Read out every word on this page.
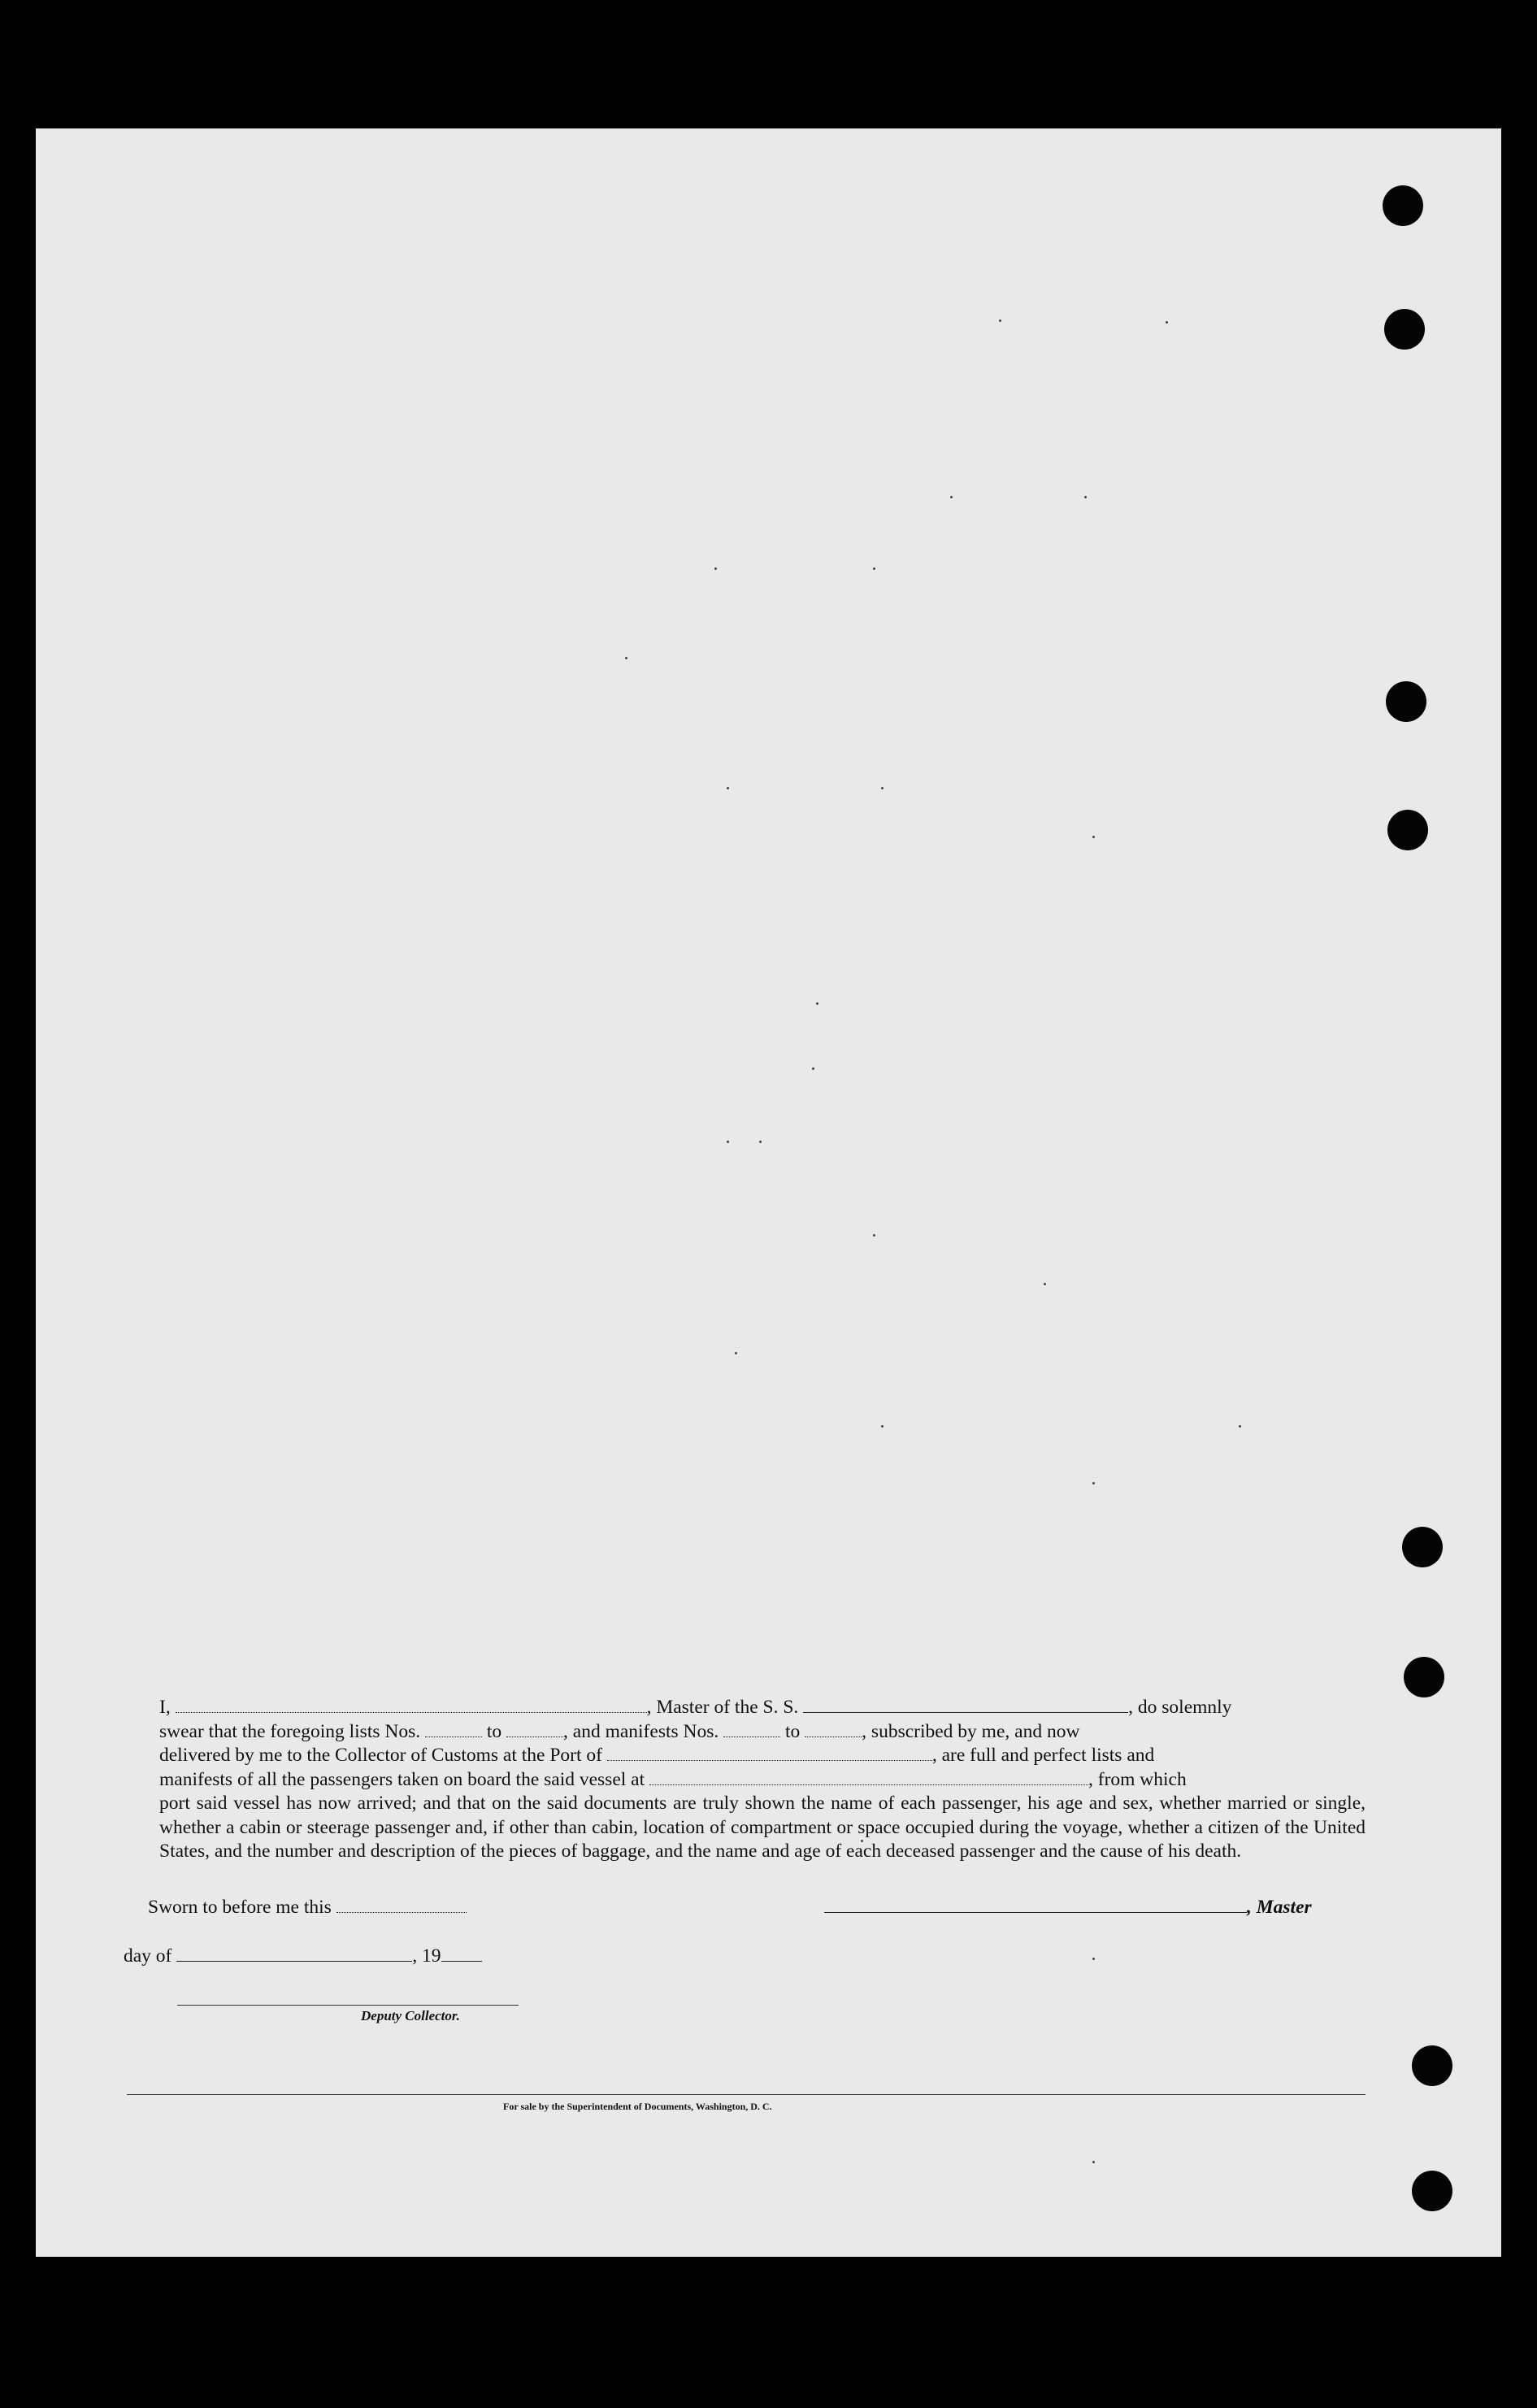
I,	, Master of the S. S.	, do solemnly

swear that the foregoing lists Nos.	to	, and manifests Nos.	to	, subscribed by me, and now

delivered by me to the Collector of Customs at the Port of	, are full and perfect lists and

manifests of all the passengers taken on board the said vessel at	, from which

port said vessel has now arrived; and that on the said documents are truly shown the name of each passenger, his age and sex, whether married or single, whether a cabin or steerage passenger and, if other than cabin, location of compartment or space occupied during the voyage, whether a citizen of the United States, and the number and description of the pieces of baggage, and the name and age of each deceased passenger and the cause of his death.

Sworn to before me this	, Master
day of	, 19
Deputy Collector.
For sale by the Superintendent of Documents, Washington, D. C.
